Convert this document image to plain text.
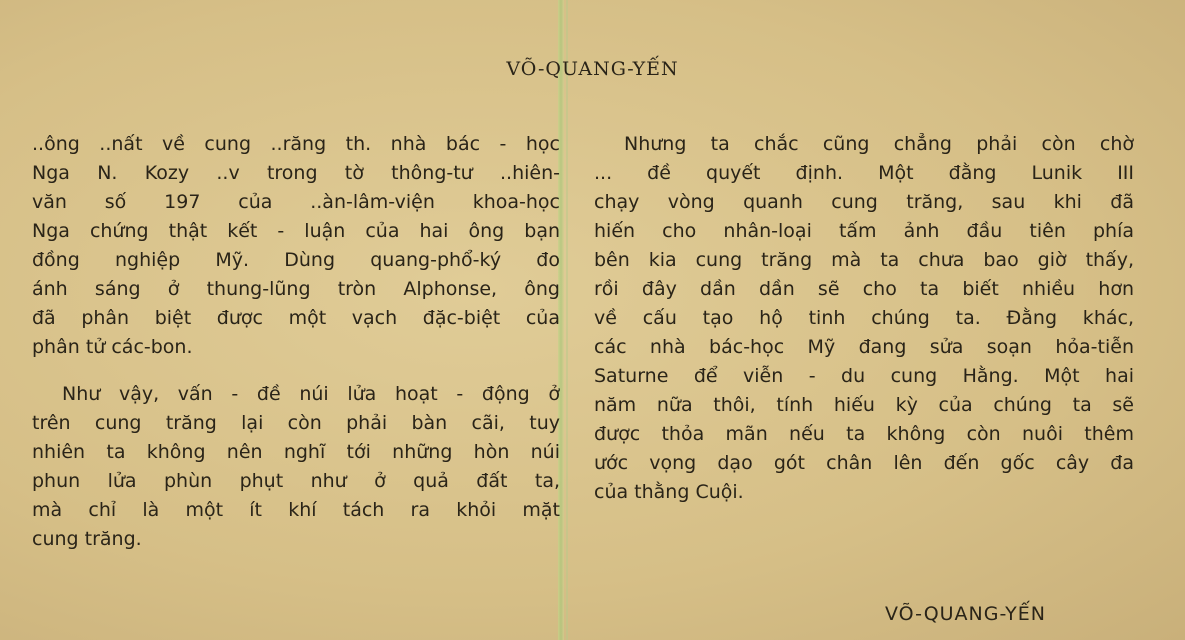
VÕ-QUANG-YẾN
..ông ..nất về cung ..răng th. nhà bác - học
Nga N. Kozy ..v trong tờ thông-tư ..hiên-
văn số 197 của ..àn-lâm-viện khoa-học
Nga chứng thật kết - luận của hai ông bạn
đồng nghiệp Mỹ. Dùng quang-phổ-ký đo
ánh sáng ở thung-lũng tròn Alphonse, ông
đã phân biệt được một vạch đặc-biệt của
phân tử các-bon.
Như vậy, vấn - đề núi lửa hoạt - động ở
trên cung trăng lại còn phải bàn cãi, tuy
nhiên ta không nên nghĩ tới những hòn núi
phun lửa phùn phụt như ở quả đất ta,
mà chỉ là một ít khí tách ra khỏi mặt
cung trăng.
Nhưng ta chắc cũng chẳng phải còn chờ
... đề quyết định. Một đằng Lunik III
chạy vòng quanh cung trăng, sau khi đã
hiến cho nhân-loại tấm ảnh đầu tiên phía
bên kia cung trăng mà ta chưa bao giờ thấy,
rồi đây dần dần sẽ cho ta biết nhiều hơn
về cấu tạo hộ tinh chúng ta. Đằng khác,
các nhà bác-học Mỹ đang sửa soạn hỏa-tiễn
Saturne để viễn - du cung Hằng. Một hai
năm nữa thôi, tính hiếu kỳ của chúng ta sẽ
được thỏa mãn nếu ta không còn nuôi thêm
ước vọng dạo gót chân lên đến gốc cây đa
của thằng Cuội.
VÕ-QUANG-YẾN
